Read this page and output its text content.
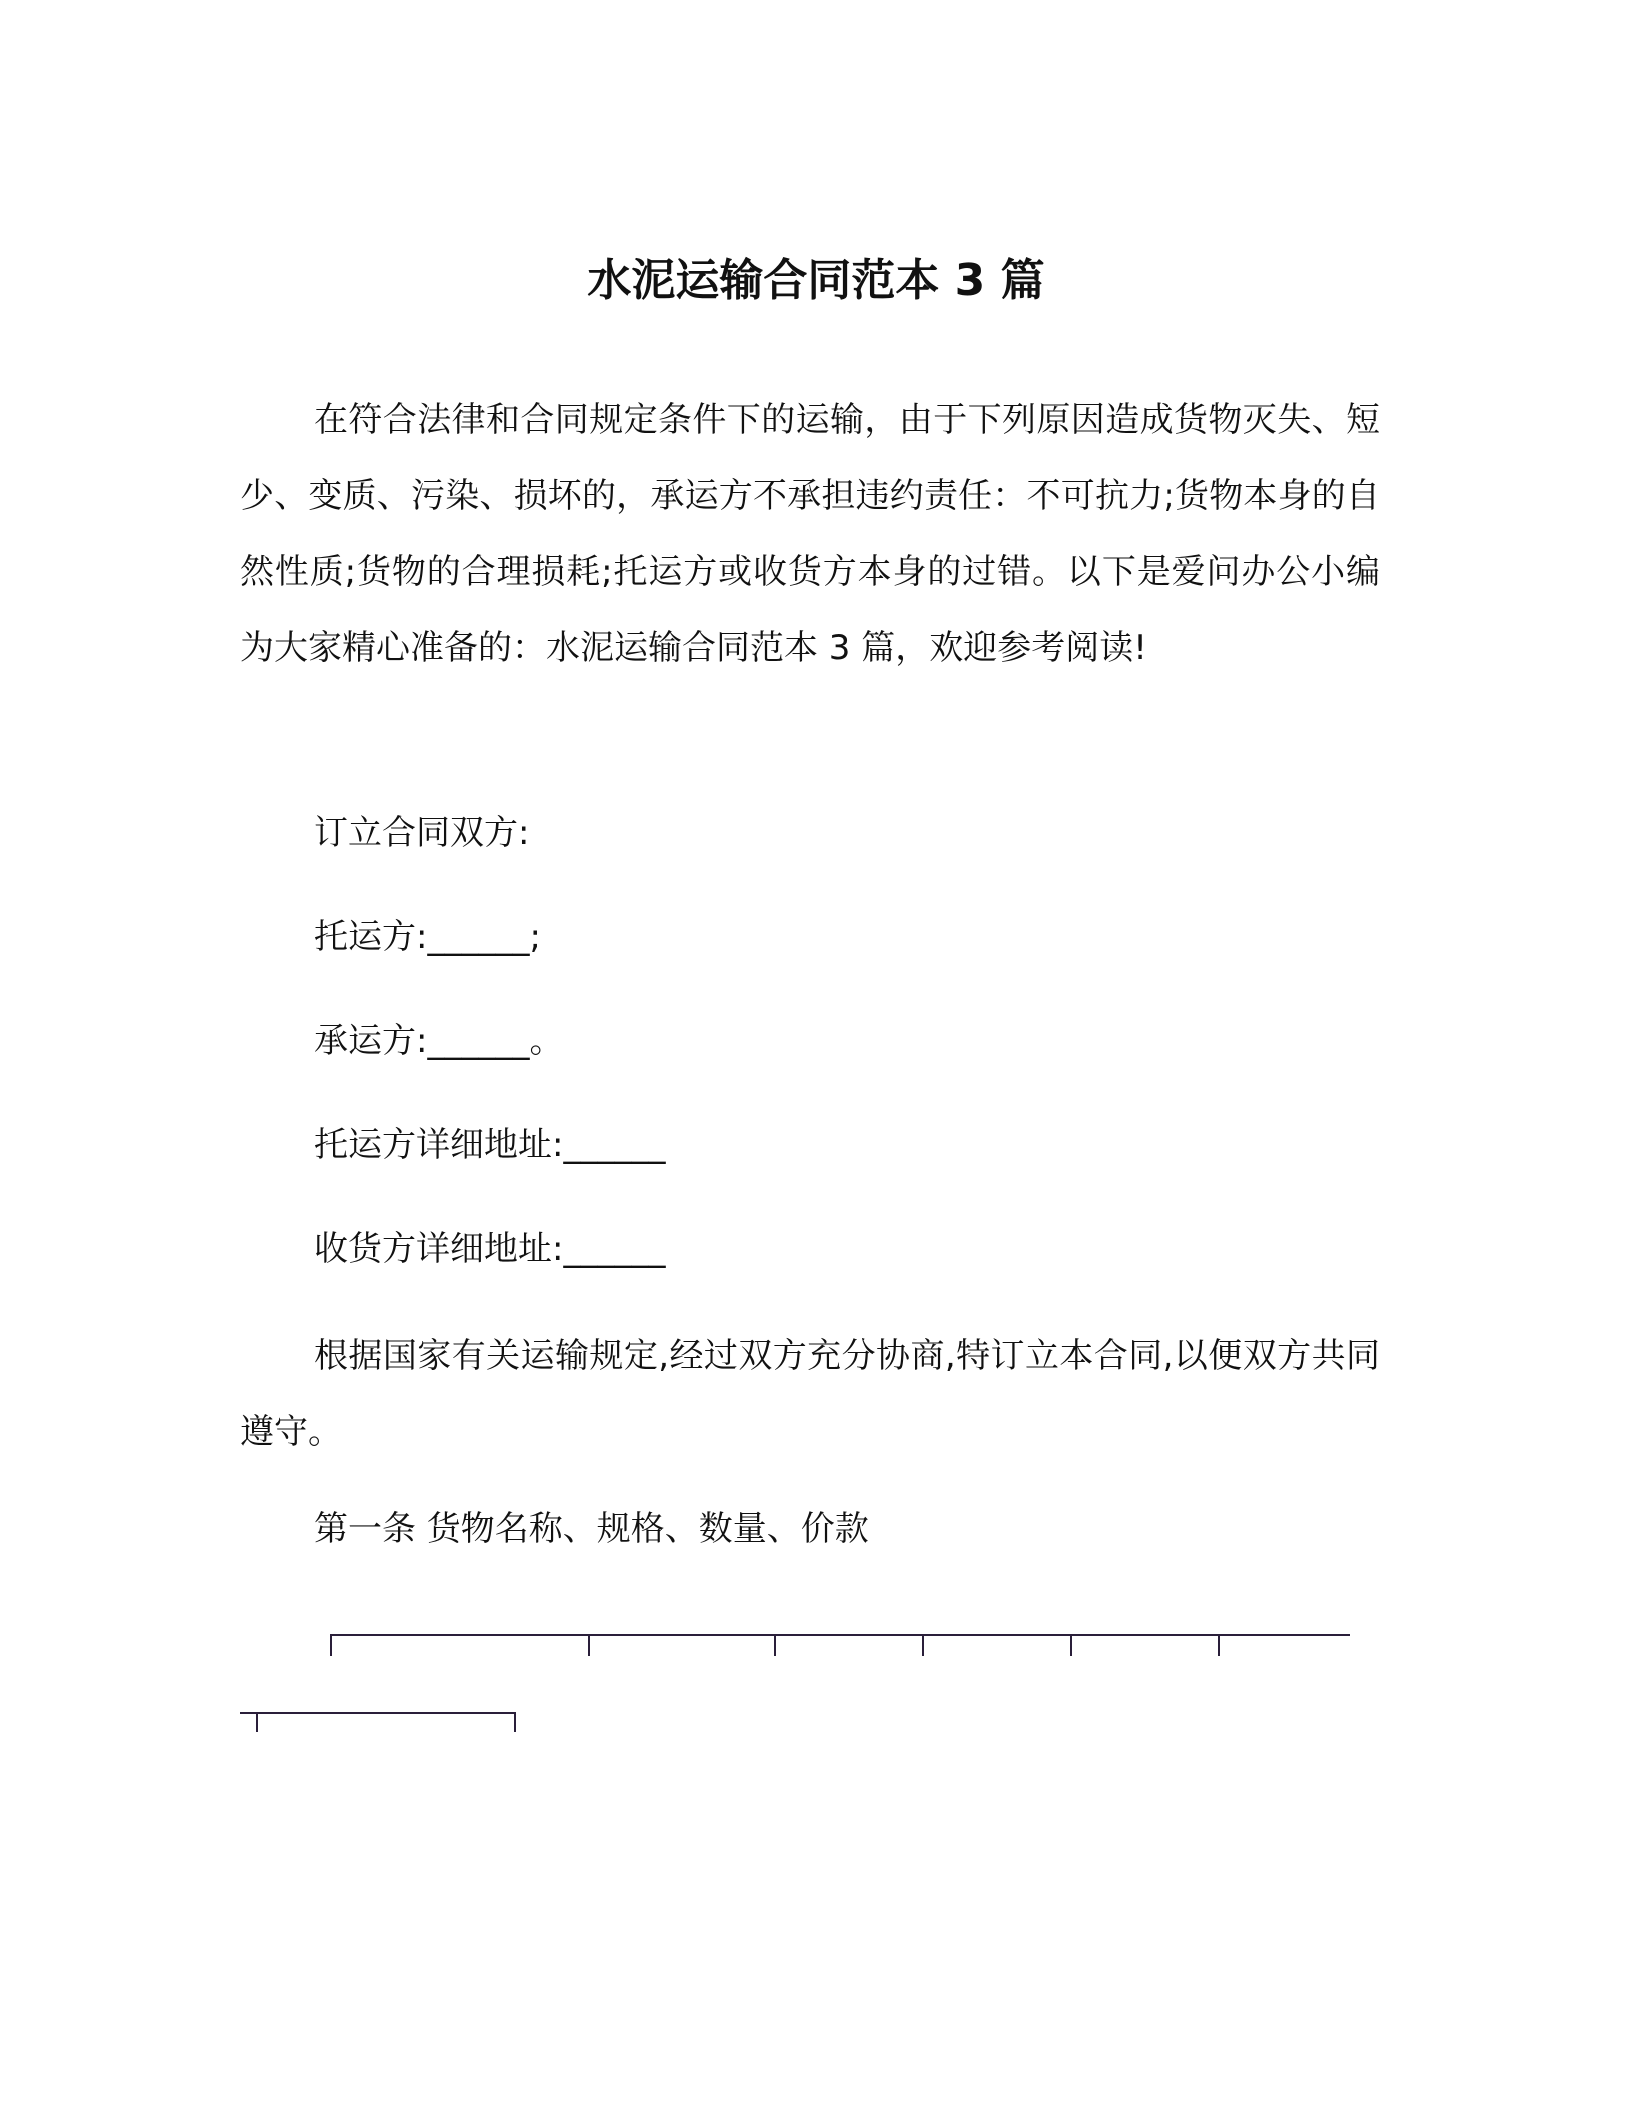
水泥运输合同范本 3 篇

在符合法律和合同规定条件下的运输，由于下列原因造成货物灭失、短少、变质、污染、损坏的，承运方不承担违约责任：不可抗力;货物本身的自然性质;货物的合理损耗;托运方或收货方本身的过错。以下是爱问办公小编为大家精心准备的：水泥运输合同范本 3 篇，欢迎参考阅读!

订立合同双方:

托运方:______;

承运方:______。

托运方详细地址:______

收货方详细地址:______

根据国家有关运输规定,经过双方充分协商,特订立本合同,以便双方共同遵守。

第一条 货物名称、规格、数量、价款
